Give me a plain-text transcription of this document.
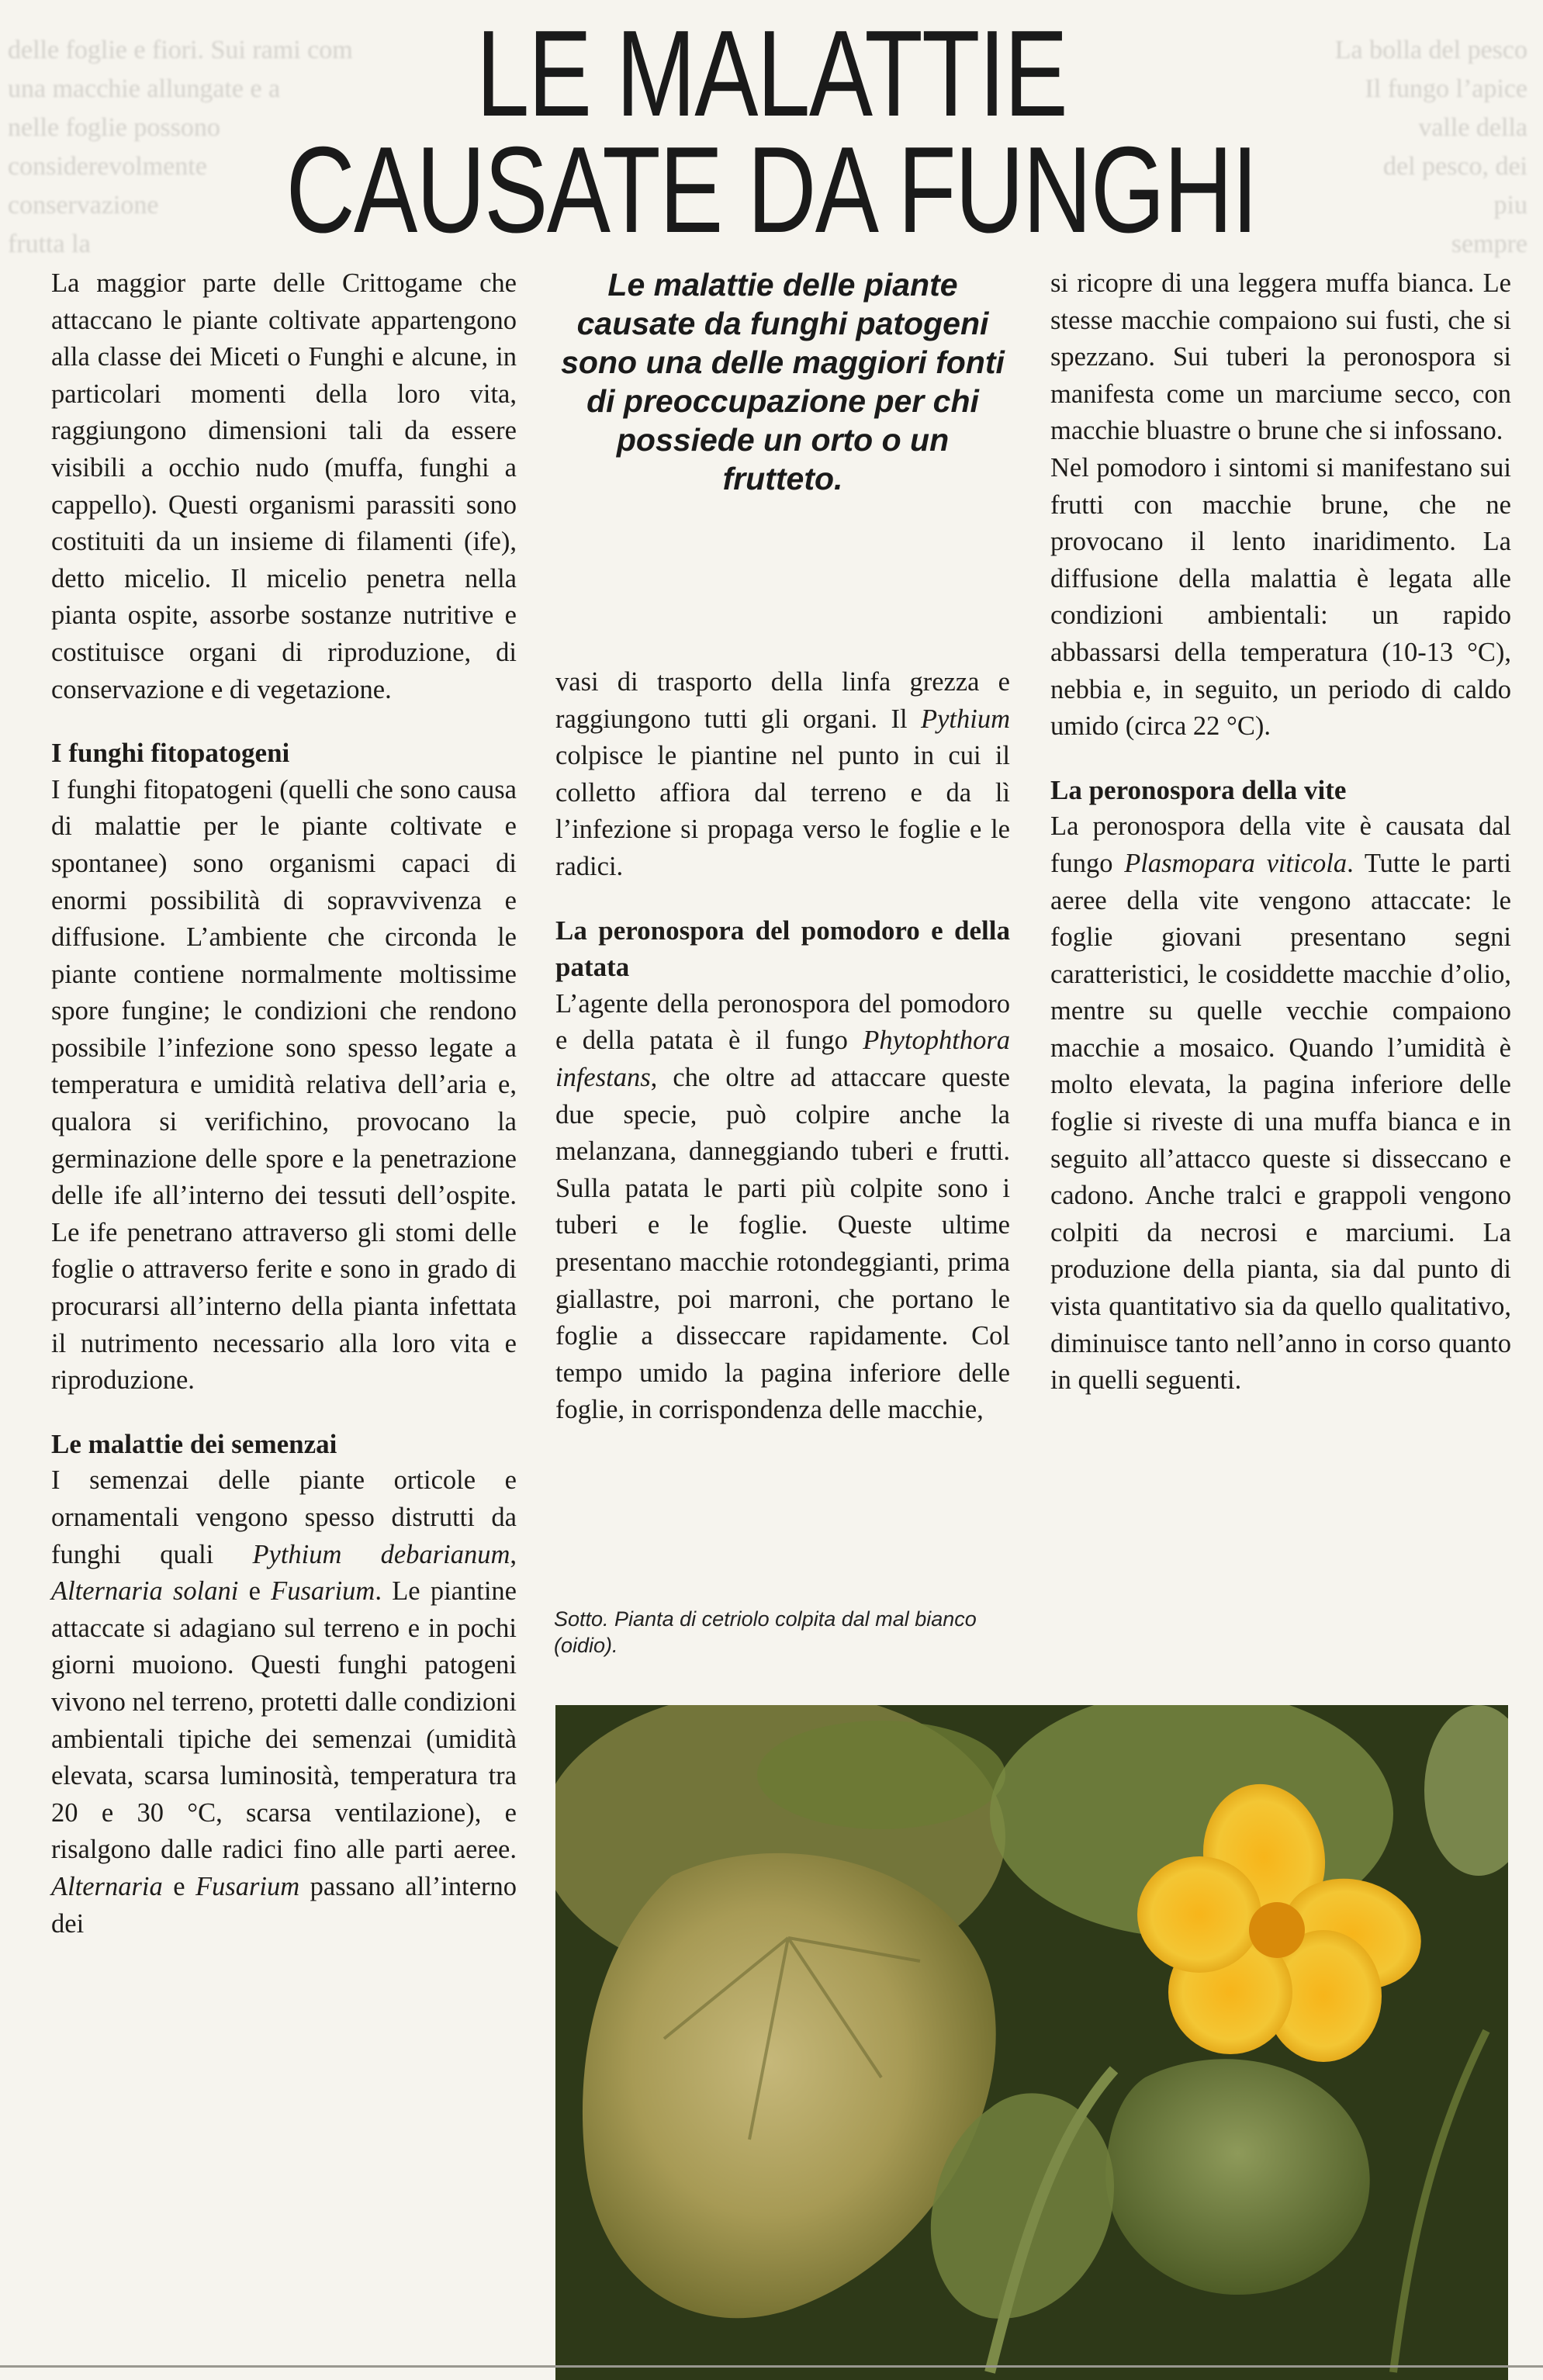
delle foglie e fiori. Sui rami com
una macchie allungate e a
nelle foglie possono
considerevolmente
conservazione
frutta la
La bolla del pesco
Il fungo l’apice
valle della
del pesco, dei
piu
sempre
LE MALATTIE
CAUSATE DA FUNGHI

La maggior parte delle Crittogame che attaccano le piante coltivate appartengono alla classe dei Miceti o Funghi e alcune, in particolari momenti della loro vita, raggiungono dimensioni tali da essere visibili a occhio nudo (muffa, funghi a cappello). Questi organismi parassiti sono costituiti da un insieme di filamenti (ife), detto micelio. Il micelio penetra nella pianta ospite, assorbe sostanze nutritive e costituisce organi di riproduzione, di conservazione e di vegetazione.

I funghi fitopatogeni

I funghi fitopatogeni (quelli che sono causa di malattie per le piante coltivate e spontanee) sono organismi capaci di enormi possibilità di sopravvivenza e diffusione. L’ambiente che circonda le piante contiene normalmente moltissime spore fungine; le condizioni che rendono possibile l’infezione sono spesso legate a temperatura e umidità relativa dell’aria e, qualora si verifichino, provocano la germinazione delle spore e la penetrazione delle ife all’interno dei tessuti dell’ospite. Le ife penetrano attraverso gli stomi delle foglie o attraverso ferite e sono in grado di procurarsi all’interno della pianta infettata il nutrimento necessario alla loro vita e riproduzione.

Le malattie dei semenzai

I semenzai delle piante orticole e ornamentali vengono spesso distrutti da funghi quali Pythium debarianum, Alternaria solani e Fusarium. Le piantine attaccate si adagiano sul terreno e in pochi giorni muoiono. Questi funghi patogeni vivono nel terreno, protetti dalle condizioni ambientali tipiche dei semenzai (umidità elevata, scarsa luminosità, temperatura tra 20 e 30 °C, scarsa ventilazione), e risalgono dalle radici fino alle parti aeree. Alternaria e Fusarium passano all’interno dei

Le malattie delle piante causate da funghi patogeni sono una delle maggiori fonti di preoccupazione per chi possiede un orto o un frutteto.

vasi di trasporto della linfa grezza e raggiungono tutti gli organi. Il Pythium colpisce le piantine nel punto in cui il colletto affiora dal terreno e da lì l’infezione si propaga verso le foglie e le radici.

La peronospora del pomodoro e della patata

L’agente della peronospora del pomodoro e della patata è il fungo Phytophthora infestans, che oltre ad attaccare queste due specie, può colpire anche la melanzana, danneggiando tuberi e frutti. Sulla patata le parti più colpite sono i tuberi e le foglie. Queste ultime presentano macchie rotondeggianti, prima giallastre, poi marroni, che portano le foglie a disseccare rapidamente. Col tempo umido la pagina inferiore delle foglie, in corrispondenza delle macchie,

Sotto. Pianta di cetriolo colpita dal mal bianco (oidio).

si ricopre di una leggera muffa bianca. Le stesse macchie compaiono sui fusti, che si spezzano. Sui tuberi la peronospora si manifesta come un marciume secco, con macchie bluastre o brune che si infossano.

Nel pomodoro i sintomi si manifestano sui frutti con macchie brune, che ne provocano il lento inaridimento. La diffusione della malattia è legata alle condizioni ambientali: un rapido abbassarsi della temperatura (10-13 °C), nebbia e, in seguito, un periodo di caldo umido (circa 22 °C).

La peronospora della vite

La peronospora della vite è causata dal fungo Plasmopara viticola. Tutte le parti aeree della vite vengono attaccate: le foglie giovani presentano segni caratteristici, le cosiddette macchie d’olio, mentre su quelle vecchie compaiono macchie a mosaico. Quando l’umidità è molto elevata, la pagina inferiore delle foglie si riveste di una muffa bianca e in seguito all’attacco queste si disseccano e cadono. Anche tralci e grappoli vengono colpiti da necrosi e marciumi. La produzione della pianta, sia dal punto di vista quantitativo sia da quello qualitativo, diminuisce tanto nell’anno in corso quanto in quelli seguenti.
